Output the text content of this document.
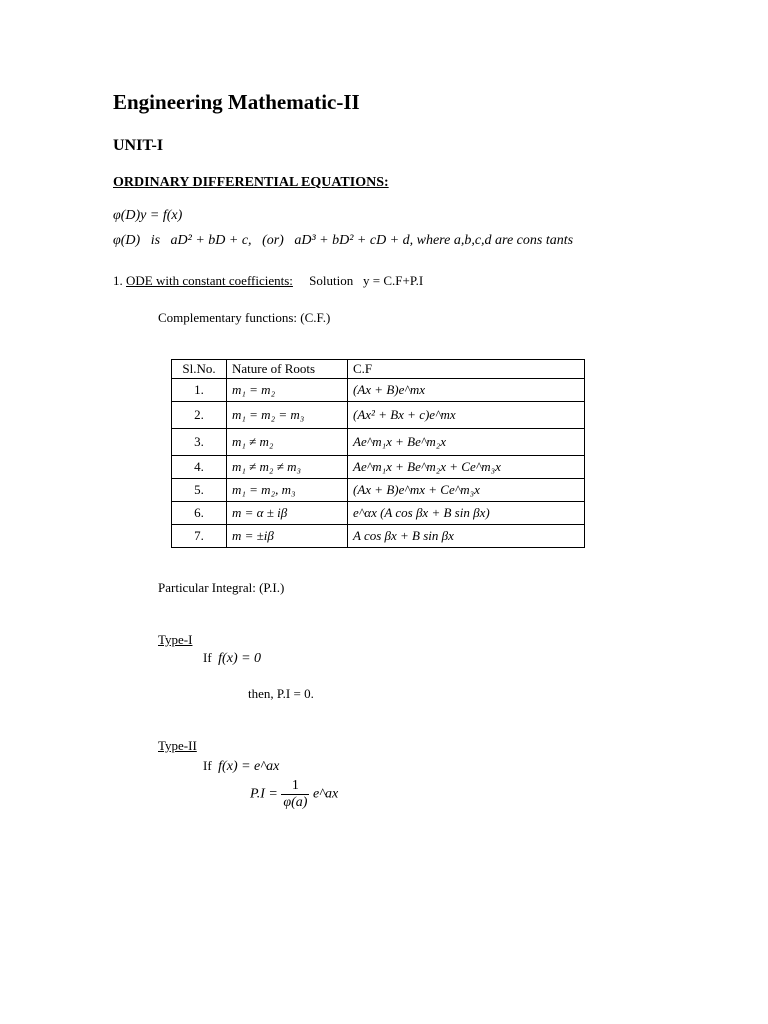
Engineering Mathematic-II
UNIT-I
ORDINARY DIFFERENTIAL EQUATIONS:
φ(D)y = f(x)
φ(D) is aD² + bD + c, (or) aD³ + bD² + cD + d, where a,b,c,d are cons tants
1. ODE with constant coefficients: Solution y = C.F+P.I
Complementary functions: (C.F.)
Sl.No.	Nature of Roots	C.F
1.	m₁ = m₂	(Ax + B)e^mx
2.	m₁ = m₂ = m₃	(Ax² + Bx + c)e^mx
3.	m₁ ≠ m₂	Ae^m₁x + Be^m₂x
4.	m₁ ≠ m₂ ≠ m₃	Ae^m₁x + Be^m₂x + Ce^m₃x
5.	m₁ = m₂, m₃	(Ax + B)e^mx + Ce^m₃x
6.	m = α ± iβ	e^αx (A cos βx + B sin βx)
7.	m = ±iβ	A cos βx + B sin βx
Particular Integral: (P.I.)
Type-I
If f(x) = 0
then, P.I = 0.
Type-II
If f(x) = e^ax
$P.I = \frac{1}{\varphi(a)}$ e^ax
